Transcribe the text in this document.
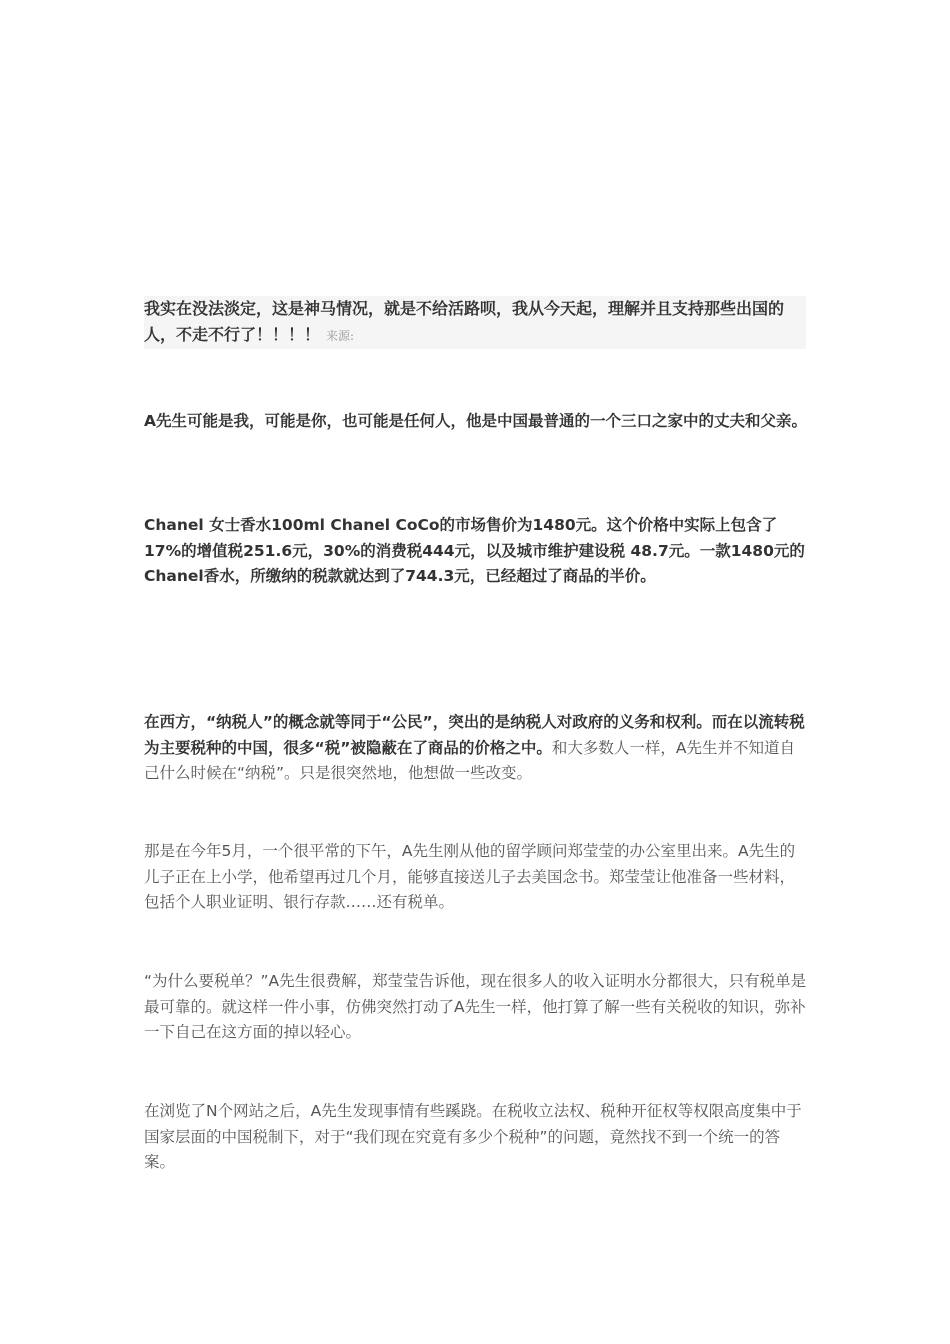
我实在没法淡定，这是神马情况，就是不给活路呗，我从今天起，理解并且支持那些出国的人，不走不行了！！！！ 来源:
A先生可能是我，可能是你，也可能是任何人，他是中国最普通的一个三口之家中的丈夫和父亲。
Chanel 女士香水100ml Chanel CoCo的市场售价为1480元。这个价格中实际上包含了17%的增值税251.6元，30%的消费税444元，以及城市维护建设税 48.7元。一款1480元的Chanel香水，所缴纳的税款就达到了744.3元，已经超过了商品的半价。
在西方，“纳税人”的概念就等同于“公民”，突出的是纳税人对政府的义务和权利。而在以流转税为主要税种的中国，很多“税”被隐蔽在了商品的价格之中。和大多数人一样，A先生并不知道自己什么时候在“纳税”。只是很突然地，他想做一些改变。
那是在今年5月，一个很平常的下午，A先生刚从他的留学顾问郑莹莹的办公室里出来。A先生的儿子正在上小学，他希望再过几个月，能够直接送儿子去美国念书。郑莹莹让他准备一些材料，包括个人职业证明、银行存款……还有税单。
“为什么要税单？”A先生很费解，郑莹莹告诉他，现在很多人的收入证明水分都很大，只有税单是最可靠的。就这样一件小事，仿佛突然打动了A先生一样，他打算了解一些有关税收的知识，弥补一下自己在这方面的掉以轻心。
在浏览了N个网站之后，A先生发现事情有些蹊跷。在税收立法权、税种开征权等权限高度集中于国家层面的中国税制下，对于“我们现在究竟有多少个税种”的问题，竟然找不到一个统一的答案。
